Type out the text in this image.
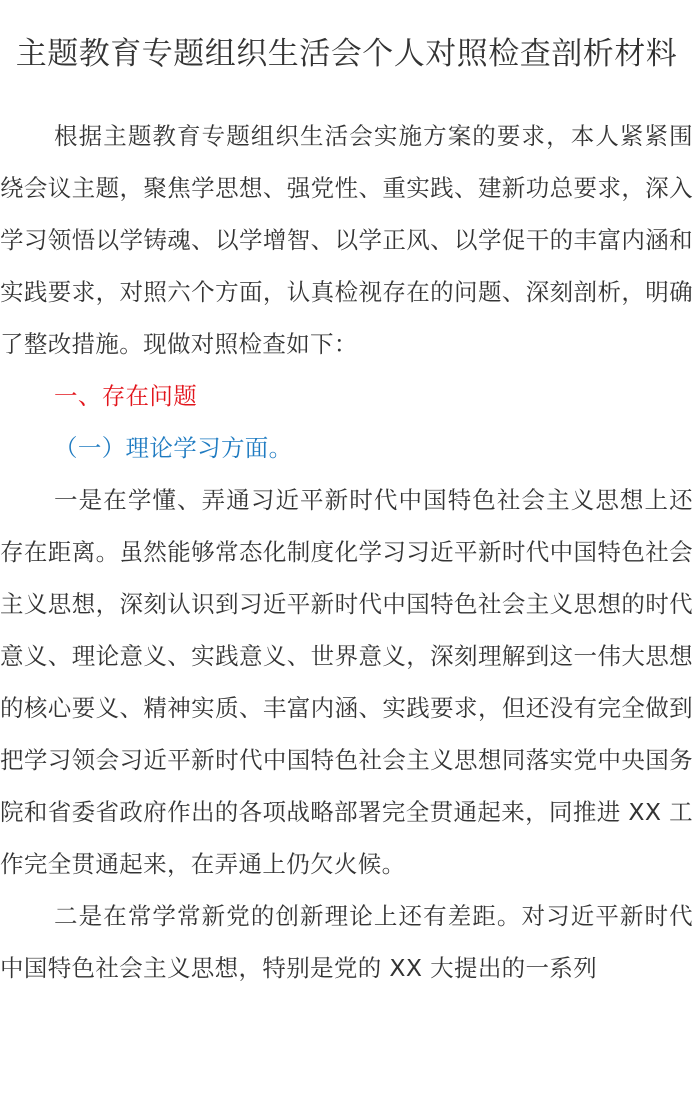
主题教育专题组织生活会个人对照检查剖析材料

根据主题教育专题组织生活会实施方案的要求，本人紧紧围绕会议主题，聚焦学思想、强党性、重实践、建新功总要求，深入学习领悟以学铸魂、以学增智、以学正风、以学促干的丰富内涵和实践要求，对照六个方面，认真检视存在的问题、深刻剖析，明确了整改措施。现做对照检查如下：

一、存在问题

（一）理论学习方面。

一是在学懂、弄通习近平新时代中国特色社会主义思想上还存在距离。虽然能够常态化制度化学习习近平新时代中国特色社会主义思想，深刻认识到习近平新时代中国特色社会主义思想的时代意义、理论意义、实践意义、世界意义，深刻理解到这一伟大思想的核心要义、精神实质、丰富内涵、实践要求，但还没有完全做到把学习领会习近平新时代中国特色社会主义思想同落实党中央国务院和省委省政府作出的各项战略部署完全贯通起来，同推进 XX 工作完全贯通起来，在弄通上仍欠火候。

二是在常学常新党的创新理论上还有差距。对习近平新时代中国特色社会主义思想，特别是党的 XX 大提出的一系列
